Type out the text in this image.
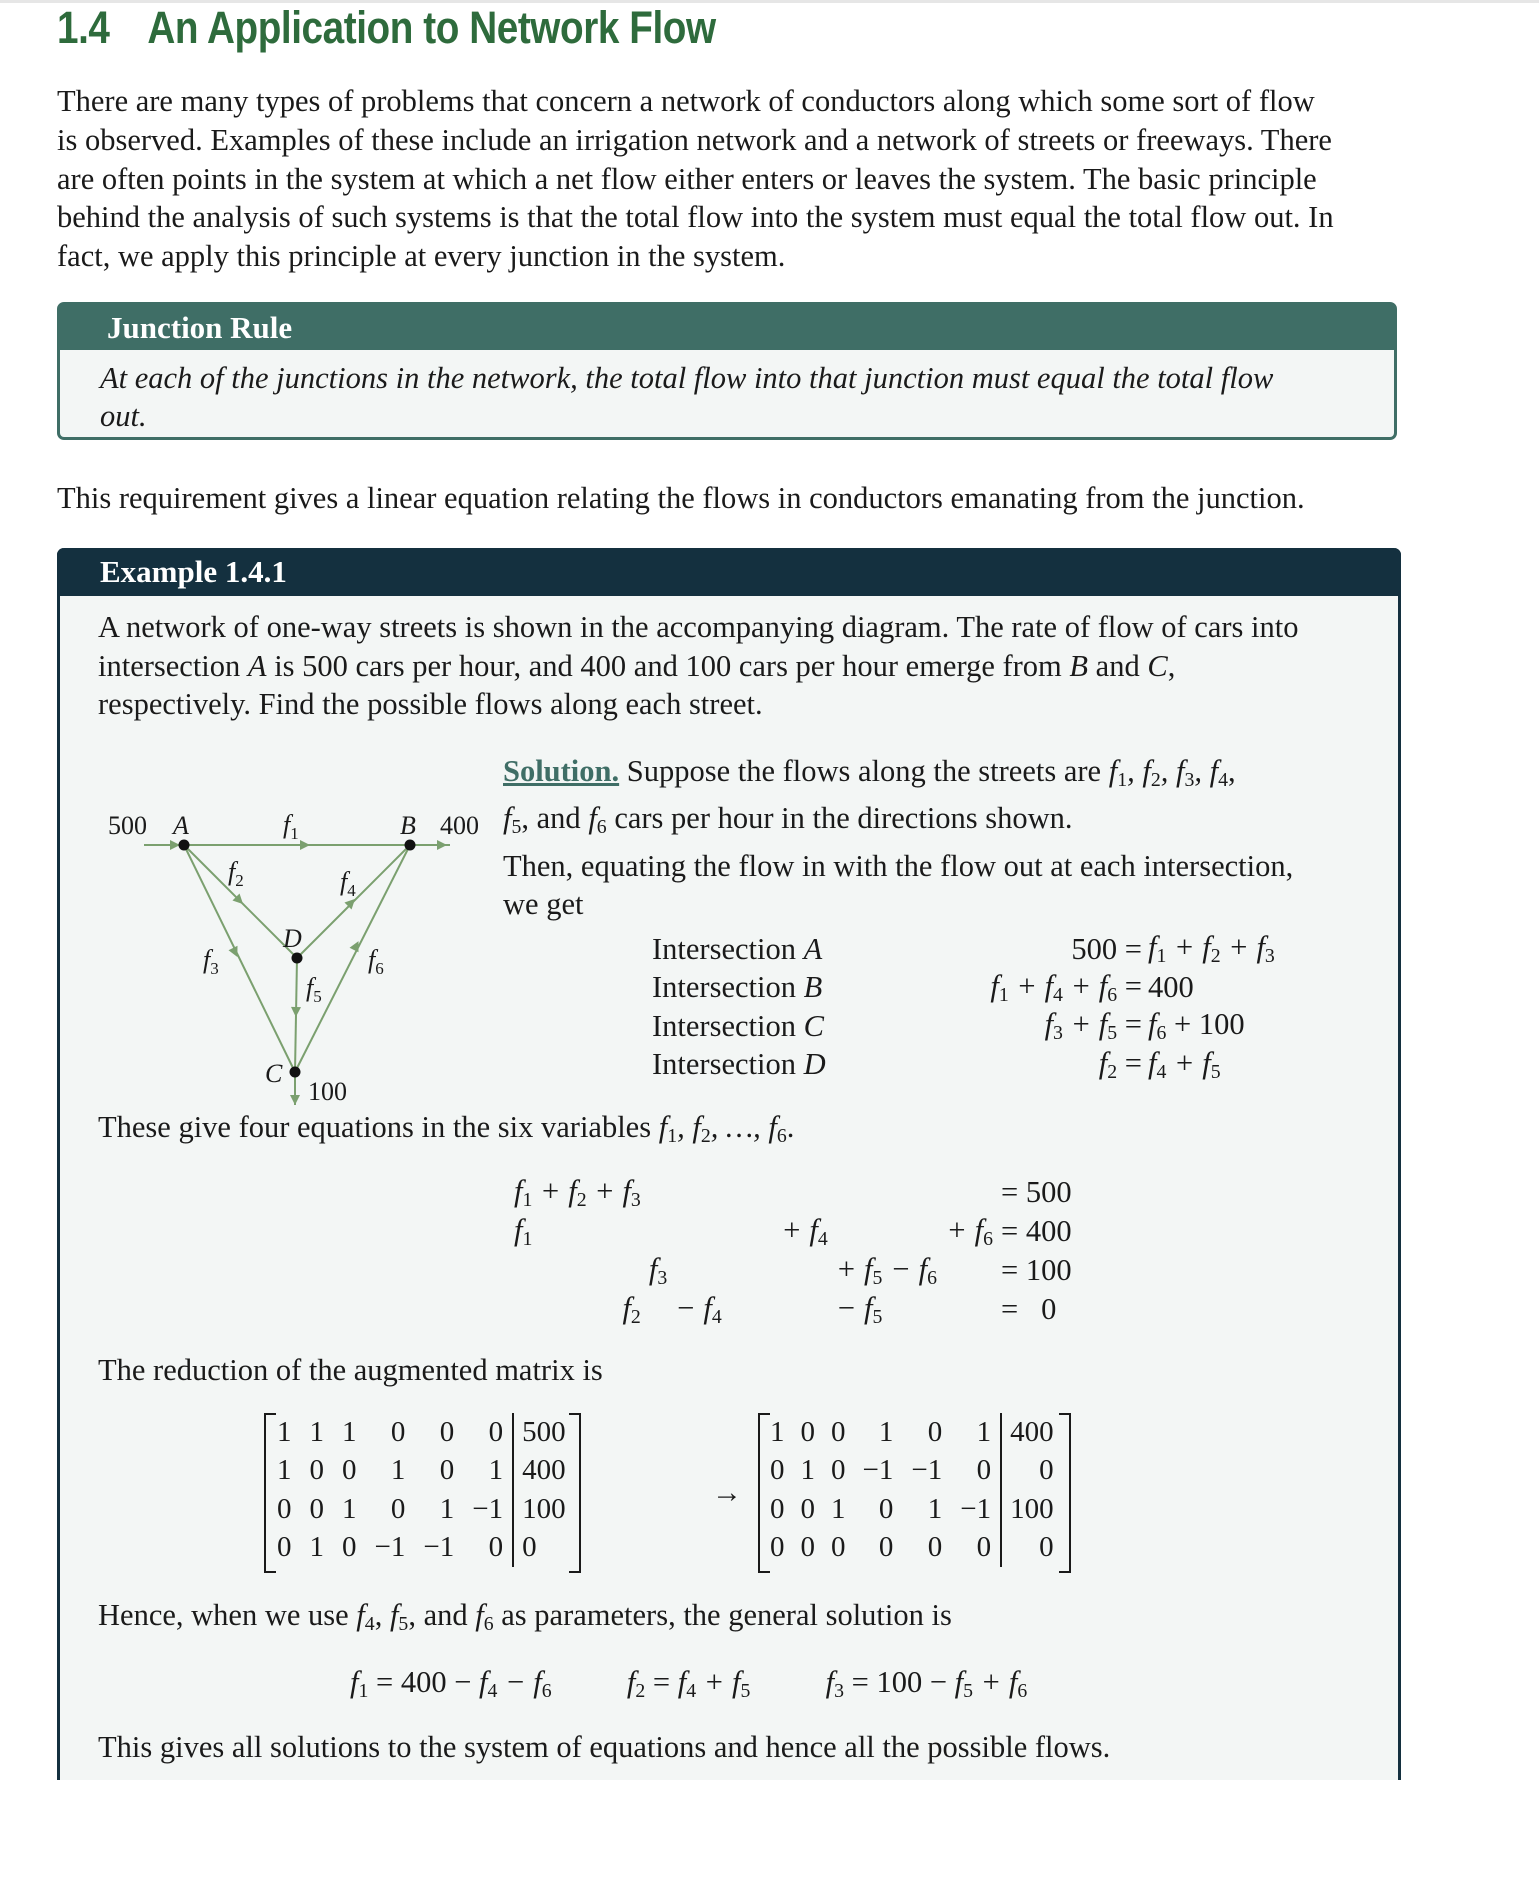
1.4 An Application to Network Flow

There are many types of problems that concern a network of conductors along which some sort of flow
is observed. Examples of these include an irrigation network and a network of streets or freeways. There
are often points in the system at which a net flow either enters or leaves the system. The basic principle
behind the analysis of such systems is that the total flow into the system must equal the total flow out. In
fact, we apply this principle at every junction in the system.

Junction Rule
At each of the junctions in the network, the total flow into that junction must equal the total flow
out.
This requirement gives a linear equation relating the flows in conductors emanating from the junction.
Example 1.4.1
A network of one-way streets is shown in the accompanying diagram. The rate of flow of cars into
intersection A is 500 cars per hour, and 400 and 100 cars per hour emerge from B and C,
respectively. Find the possible flows along each street.
Solution. Suppose the flows along the streets are $f_1$, $f_2$, $f_3$, $f_4$,
$f_5$, and $f_6$ cars per hour in the directions shown.
Then, equating the flow in with the flow out at each intersection,
we get
500 A	B 400
D
C
100
$f_1$
$f_2$
$f_3$
$f_4$
$f_5$
$f_6$
Intersection A		500 =	$f_1 + f_2 + f_3$
Intersection B		$f_1 + f_4 + f_6$ =	400
Intersection C		$f_3 + f_5$ =	$f_6 + 100$
Intersection D		$f_2$ =	$f_4 + f_5$
These give four equations in the six variables $f_1$, $f_2$, …, $f_6$.
$f_1 + f_2 + f_3$					= 500
$f_1$		+ $f_4$		+ $f_6$	= 400
	$f_3$		+ $f_5$	− $f_6$	= 100
$f_2$		− $f_4$	− $f_5$		=   0
The reduction of the augmented matrix is
1	1	1	0	0	0	500
1	0	0	1	0	1	400
0	0	1	0	1	−1	100
0	1	0	−1	−1	0	0
→
1	0	0	1	0	1	400
0	1	0	−1	−1	0	0
0	0	1	0	1	−1	100
0	0	0	0	0	0	0
Hence, when we use $f_4$, $f_5$, and $f_6$ as parameters, the general solution is
$f_1 = 400 - f_4 - f_6$ $f_2 = f_4 + f_5$ $f_3 = 100 - f_5 + f_6$
This gives all solutions to the system of equations and hence all the possible flows.
